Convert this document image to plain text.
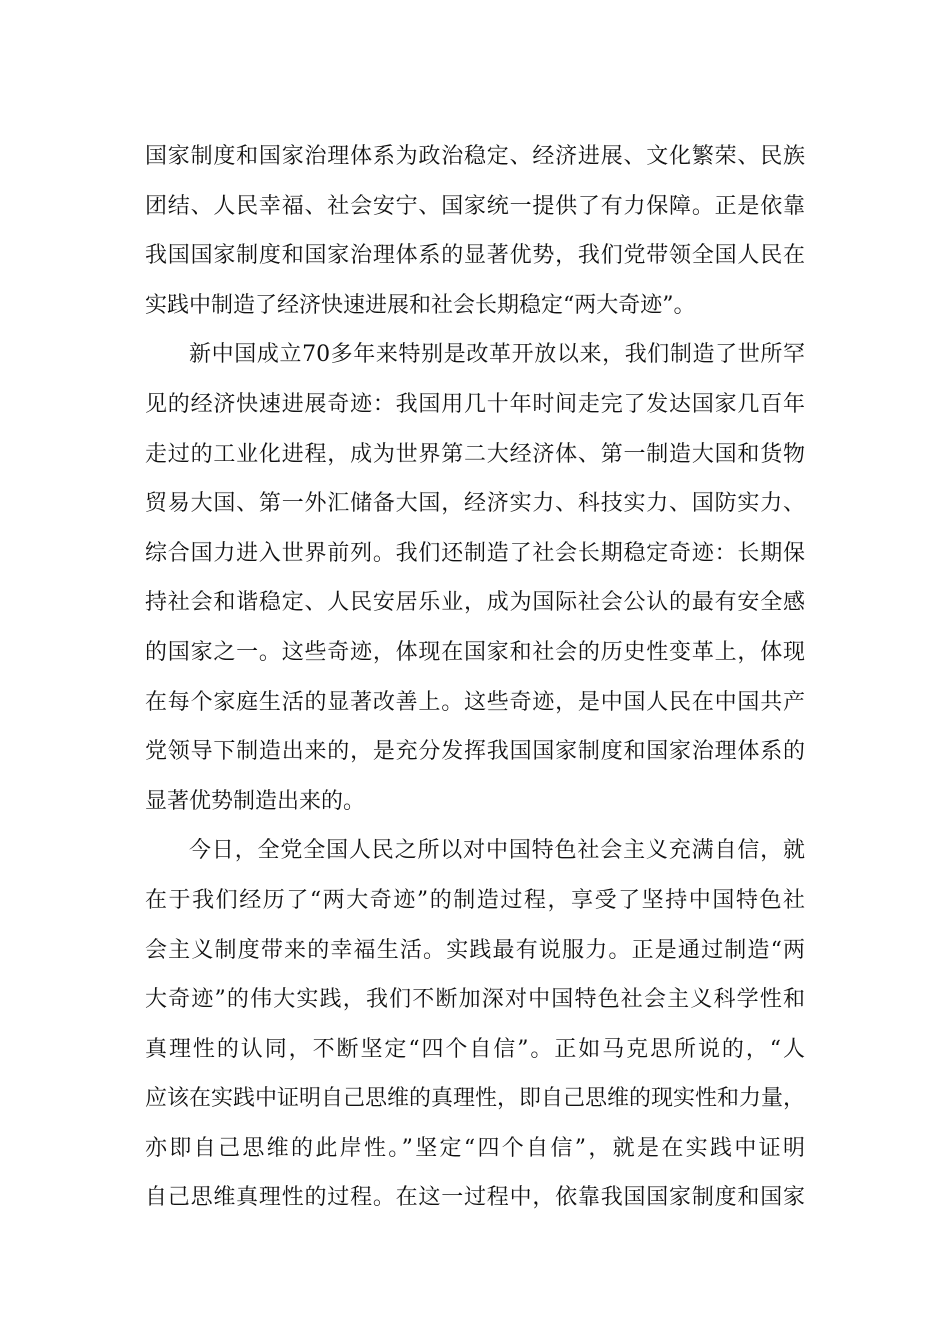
国家制度和国家治理体系为政治稳定、经济进展、文化繁荣、民族
团结、人民幸福、社会安宁、国家统一提供了有力保障。正是依靠
我国国家制度和国家治理体系的显著优势，我们党带领全国人民在
实践中制造了经济快速进展和社会长期稳定“两大奇迹”。
新中国成立70多年来特别是改革开放以来，我们制造了世所罕
见的经济快速进展奇迹：我国用几十年时间走完了发达国家几百年
走过的工业化进程，成为世界第二大经济体、第一制造大国和货物
贸易大国、第一外汇储备大国，经济实力、科技实力、国防实力、
综合国力进入世界前列。我们还制造了社会长期稳定奇迹：长期保
持社会和谐稳定、人民安居乐业，成为国际社会公认的最有安全感
的国家之一。这些奇迹，体现在国家和社会的历史性变革上，体现
在每个家庭生活的显著改善上。这些奇迹，是中国人民在中国共产
党领导下制造出来的，是充分发挥我国国家制度和国家治理体系的
显著优势制造出来的。
今日，全党全国人民之所以对中国特色社会主义充满自信，就
在于我们经历了“两大奇迹”的制造过程，享受了坚持中国特色社
会主义制度带来的幸福生活。实践最有说服力。正是通过制造“两
大奇迹”的伟大实践，我们不断加深对中国特色社会主义科学性和
真理性的认同，不断坚定“四个自信”。正如马克思所说的，“人
应该在实践中证明自己思维的真理性，即自己思维的现实性和力量，
亦即自己思维的此岸性。”坚定“四个自信”，就是在实践中证明
自己思维真理性的过程。在这一过程中，依靠我国国家制度和国家
